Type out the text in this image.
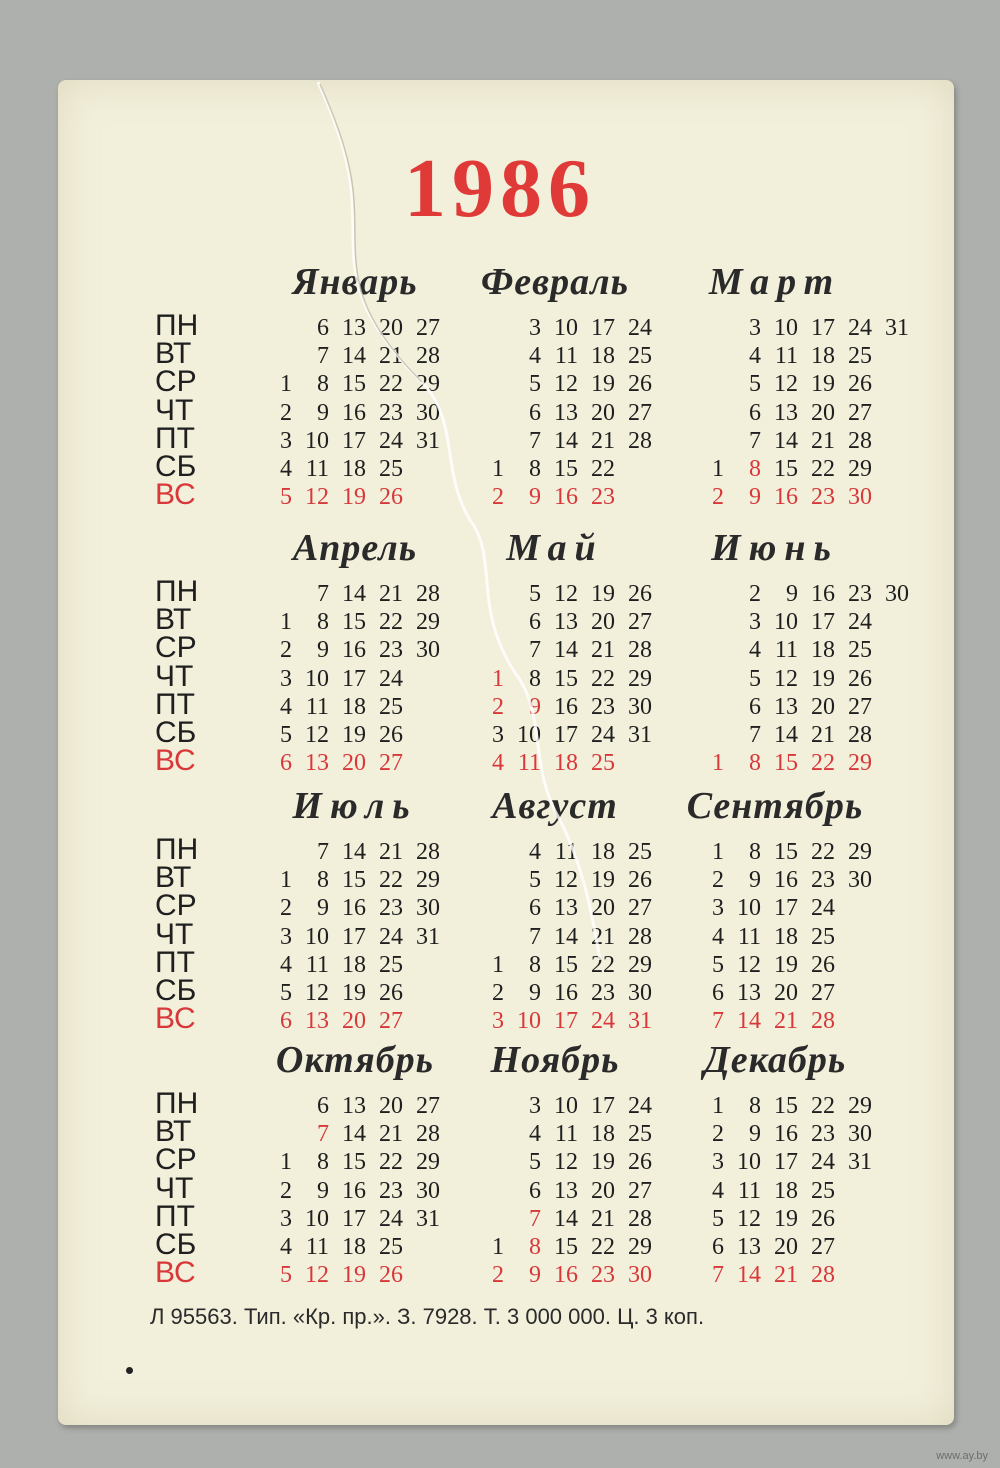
1986
Январь
ПН
ВТ
СР
ЧТ
ПТ
СБ
ВС
1
2
3
4
5
6
7
8
9
10
11
12
13
14
15
16
17
18
19
20
21
22
23
24
25
26
27
28
29
30
31
Февраль
1
2
3
4
5
6
7
8
9
10
11
12
13
14
15
16
17
18
19
20
21
22
23
24
25
26
27
28
Март
1
2
3
4
5
6
7
8
9
10
11
12
13
14
15
16
17
18
19
20
21
22
23
24
25
26
27
28
29
30
31
Апрель
ПН
ВТ
СР
ЧТ
ПТ
СБ
ВС
1
2
3
4
5
6
7
8
9
10
11
12
13
14
15
16
17
18
19
20
21
22
23
24
25
26
27
28
29
30
Май
1
2
3
4
5
6
7
8
9
10
11
12
13
14
15
16
17
18
19
20
21
22
23
24
25
26
27
28
29
30
31
Июнь
1
2
3
4
5
6
7
8
9
10
11
12
13
14
15
16
17
18
19
20
21
22
23
24
25
26
27
28
29
30
Июль
ПН
ВТ
СР
ЧТ
ПТ
СБ
ВС
1
2
3
4
5
6
7
8
9
10
11
12
13
14
15
16
17
18
19
20
21
22
23
24
25
26
27
28
29
30
31
Август
1
2
3
4
5
6
7
8
9
10
11
12
13
14
15
16
17
18
19
20
21
22
23
24
25
26
27
28
29
30
31
Сентябрь
1
2
3
4
5
6
7
8
9
10
11
12
13
14
15
16
17
18
19
20
21
22
23
24
25
26
27
28
29
30
Октябрь
ПН
ВТ
СР
ЧТ
ПТ
СБ
ВС
1
2
3
4
5
6
7
8
9
10
11
12
13
14
15
16
17
18
19
20
21
22
23
24
25
26
27
28
29
30
31
Ноябрь
1
2
3
4
5
6
7
8
9
10
11
12
13
14
15
16
17
18
19
20
21
22
23
24
25
26
27
28
29
30
Декабрь
1
2
3
4
5
6
7
8
9
10
11
12
13
14
15
16
17
18
19
20
21
22
23
24
25
26
27
28
29
30
31
Л 95563. Тип. «Кр. пр.». З. 7928. Т. 3 000 000. Ц. 3 коп.
www.ay.by
